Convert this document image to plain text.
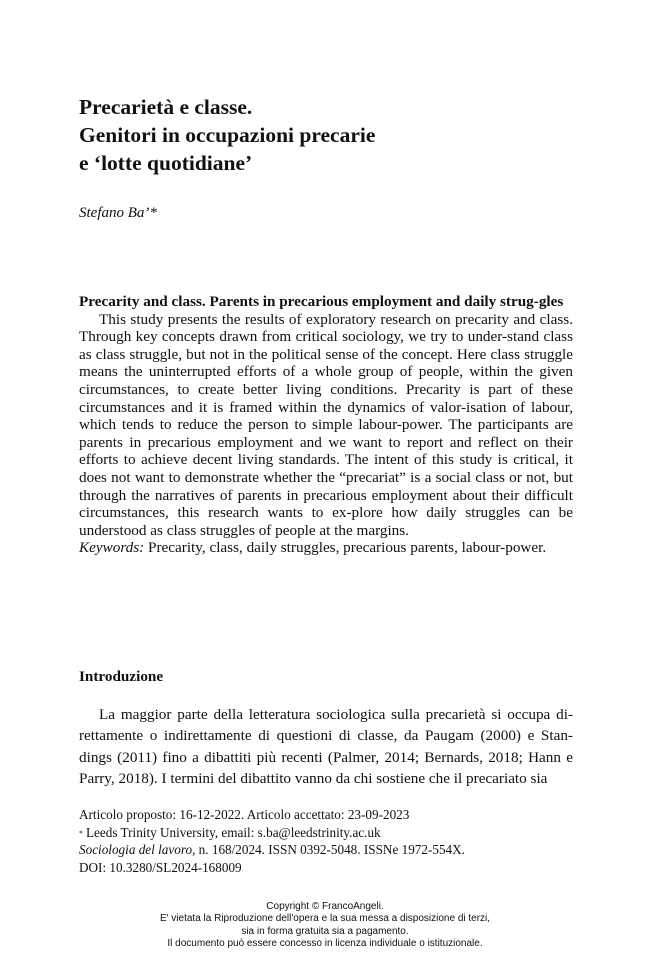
Precarietà e classe.
Genitori in occupazioni precarie
e ‘lotte quotidiane’
Stefano Ba’*

Precarity and class. Parents in precarious employment and daily strug-gles

This study presents the results of exploratory research on precarity and class. Through key concepts drawn from critical sociology, we try to under-stand class as class struggle, but not in the political sense of the concept. Here class struggle means the uninterrupted efforts of a whole group of people, within the given circumstances, to create better living conditions. Precarity is part of these circumstances and it is framed within the dynamics of valor-isation of labour, which tends to reduce the person to simple labour-power. The participants are parents in precarious employment and we want to report and reflect on their efforts to achieve decent living standards. The intent of this study is critical, it does not want to demonstrate whether the “precariat” is a social class or not, but through the narratives of parents in precarious employment about their difficult circumstances, this research wants to ex-plore how daily struggles can be understood as class struggles of people at the margins.

Keywords: Precarity, class, daily struggles, precarious parents, labour-power.

Introduzione

La maggior parte della letteratura sociologica sulla precarietà si occupa di-rettamente o indirettamente di questioni di classe, da Paugam (2000) e Stan-dings (2011) fino a dibattiti più recenti (Palmer, 2014; Bernards, 2018; Hann e Parry, 2018). I termini del dibattito vanno da chi sostiene che il precariato sia

Articolo proposto: 16-12-2022. Articolo accettato: 23-09-2023

* Leeds Trinity University, email: s.ba@leedstrinity.ac.uk

Sociologia del lavoro, n. 168/2024. ISSN 0392-5048. ISSNe 1972-554X.

DOI: 10.3280/SL2024-168009

Copyright © FrancoAngeli.

E' vietata la Riproduzione dell'opera e la sua messa a disposizione di terzi,

sia in forma gratuita sia a pagamento.

Il documento può essere concesso in licenza individuale o istituzionale.
